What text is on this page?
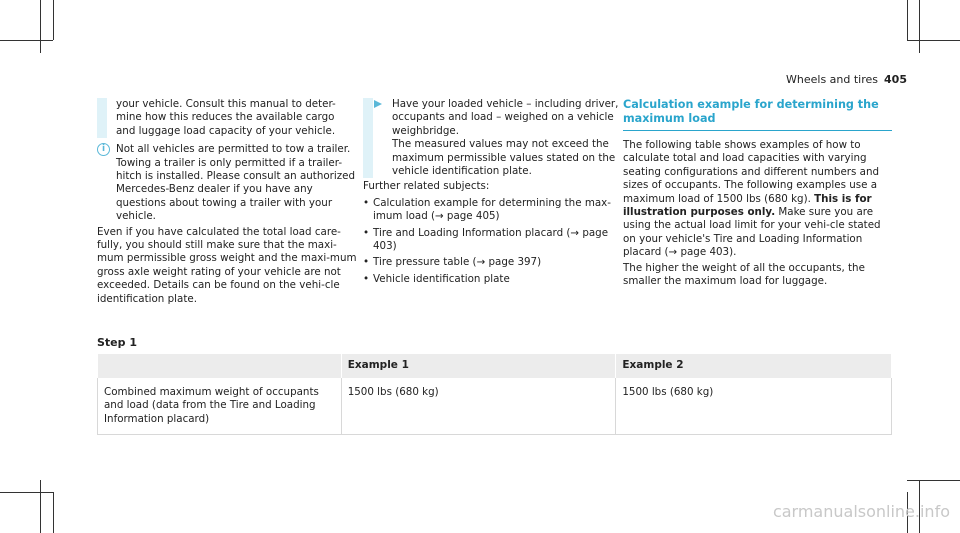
Wheels and tires 405
your vehicle. Consult this manual to deter-mine how this reduces the available cargo and luggage load capacity of your vehicle.
i	Not all vehicles are permitted to tow a trailer. Towing a trailer is only permitted if a trailer-hitch is installed. Please consult an authorized Mercedes-Benz dealer if you have any questions about towing a trailer with your vehicle.
Even if you have calculated the total load care-fully, you should still make sure that the maxi-mum permissible gross weight and the maxi-mum gross axle weight rating of your vehicle are not exceeded. Details can be found on the vehi-cle identification plate.
Have your loaded vehicle – including driver, occupants and load – weighed on a vehicle weighbridge.
The measured values may not exceed the maximum permissible values stated on the vehicle identification plate.
Further related subjects:
• Calculation example for determining the max-imum load (→ page 405)
• Tire and Loading Information placard (→ page 403)
• Tire pressure table (→ page 397)
• Vehicle identification plate
Calculation example for determining the maximum load

The following table shows examples of how to calculate total and load capacities with varying seating configurations and different numbers and sizes of occupants. The following examples use a maximum load of 1500 lbs (680 kg). This is for illustration purposes only. Make sure you are using the actual load limit for your vehi-cle stated on your vehicle's Tire and Loading Information placard (→ page 403).

The higher the weight of all the occupants, the smaller the maximum load for luggage.

Step 1
	Example 1	Example 2
Combined maximum weight of occupants and load (data from the Tire and Loading Information placard)	1500 lbs (680 kg)	1500 lbs (680 kg)
carmanualsonline.info
